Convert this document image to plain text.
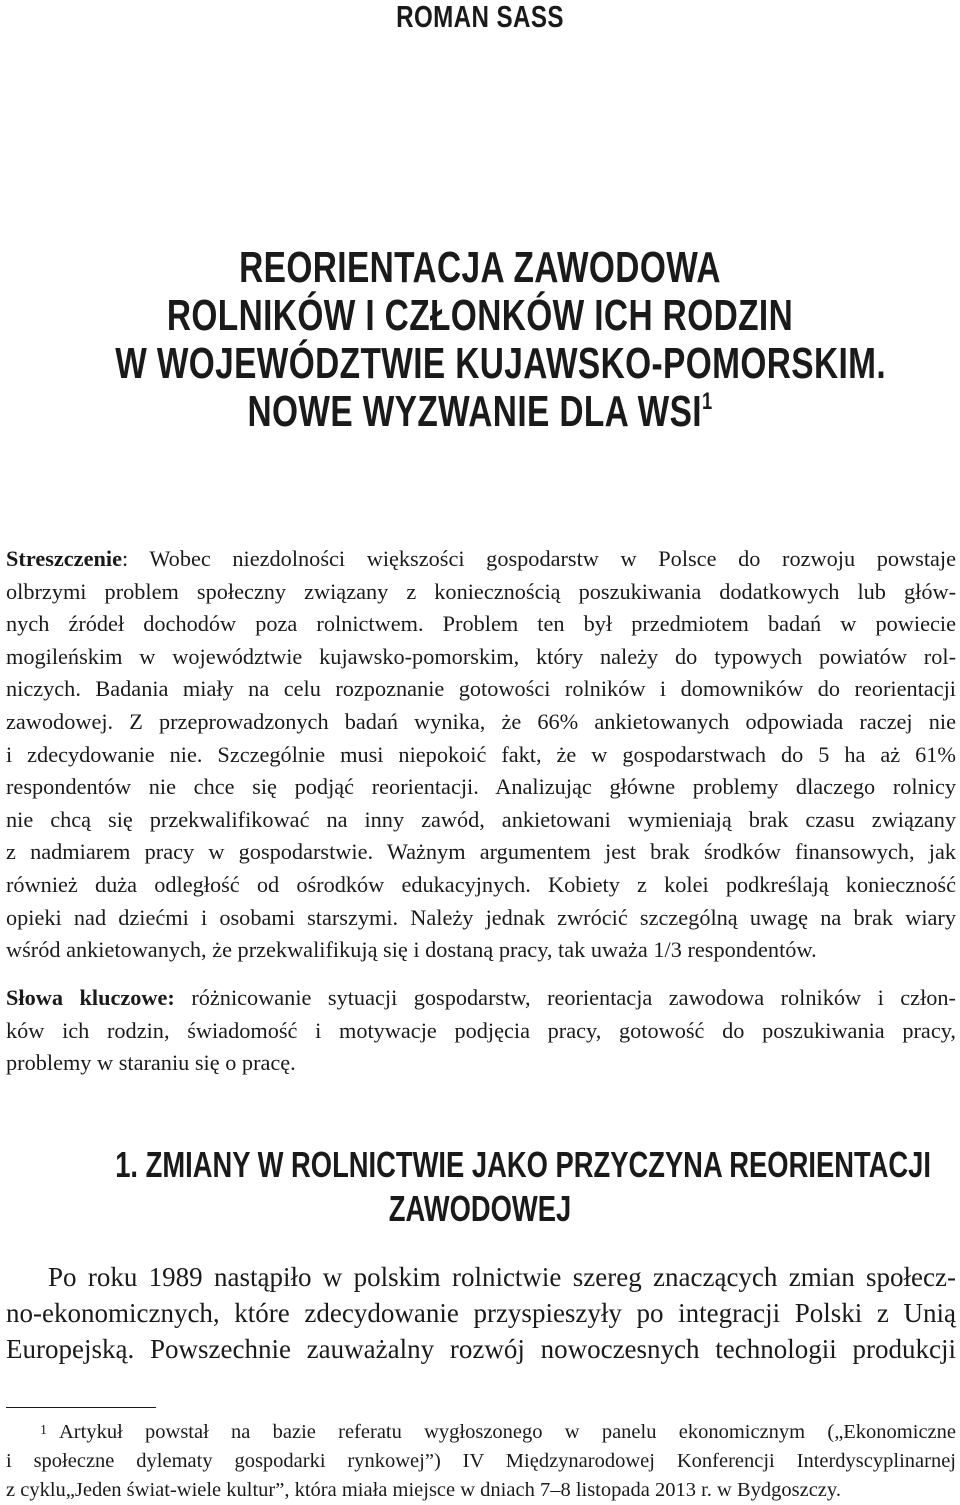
ROMAN SASS
REORIENTACJA ZAWODOWA
ROLNIKÓW I CZŁONKÓW ICH RODZIN
W WOJEWÓDZTWIE KUJAWSKO-POMORSKIM.
NOWE WYZWANIE DLA WSI$^1$
Streszczenie: Wobec niezdolności większości gospodarstw w Polsce do rozwoju powstaje
olbrzymi problem społeczny związany z koniecznością poszukiwania dodatkowych lub głów-
nych źródeł dochodów poza rolnictwem. Problem ten był przedmiotem badań w powiecie
mogileńskim w województwie kujawsko-pomorskim, który należy do typowych powiatów rol-
niczych. Badania miały na celu rozpoznanie gotowości rolników i domowników do reorientacji
zawodowej. Z przeprowadzonych badań wynika, że 66% ankietowanych odpowiada raczej nie
i zdecydowanie nie. Szczególnie musi niepokoić fakt, że w gospodarstwach do 5 ha aż 61%
respondentów nie chce się podjąć reorientacji. Analizując główne problemy dlaczego rolnicy
nie chcą się przekwalifikować na inny zawód, ankietowani wymieniają brak czasu związany
z nadmiarem pracy w gospodarstwie. Ważnym argumentem jest brak środków finansowych, jak
również duża odległość od ośrodków edukacyjnych. Kobiety z kolei podkreślają konieczność
opieki nad dziećmi i osobami starszymi. Należy jednak zwrócić szczególną uwagę na brak wiary
wśród ankietowanych, że przekwalifikują się i dostaną pracy, tak uważa 1/3 respondentów.
Słowa kluczowe: różnicowanie sytuacji gospodarstw, reorientacja zawodowa rolników i człon-
ków ich rodzin, świadomość i motywacje podjęcia pracy, gotowość do poszukiwania pracy,
problemy w staraniu się o pracę.
1. ZMIANY W ROLNICTWIE JAKO PRZYCZYNA REORIENTACJI
ZAWODOWEJ
Po roku 1989 nastąpiło w polskim rolnictwie szereg znaczących zmian społecz-
no-ekonomicznych, które zdecydowanie przyspieszyły po integracji Polski z Unią
Europejską. Powszechnie zauważalny rozwój nowoczesnych technologii produkcji
$^1$ Artykuł powstał na bazie referatu wygłoszonego w panelu ekonomicznym („Ekonomiczne
i społeczne dylematy gospodarki rynkowej”) IV Międzynarodowej Konferencji Interdyscyplinarnej
z cyklu„Jeden świat-wiele kultur”, która miała miejsce w dniach 7–8 listopada 2013 r. w Bydgoszczy.
